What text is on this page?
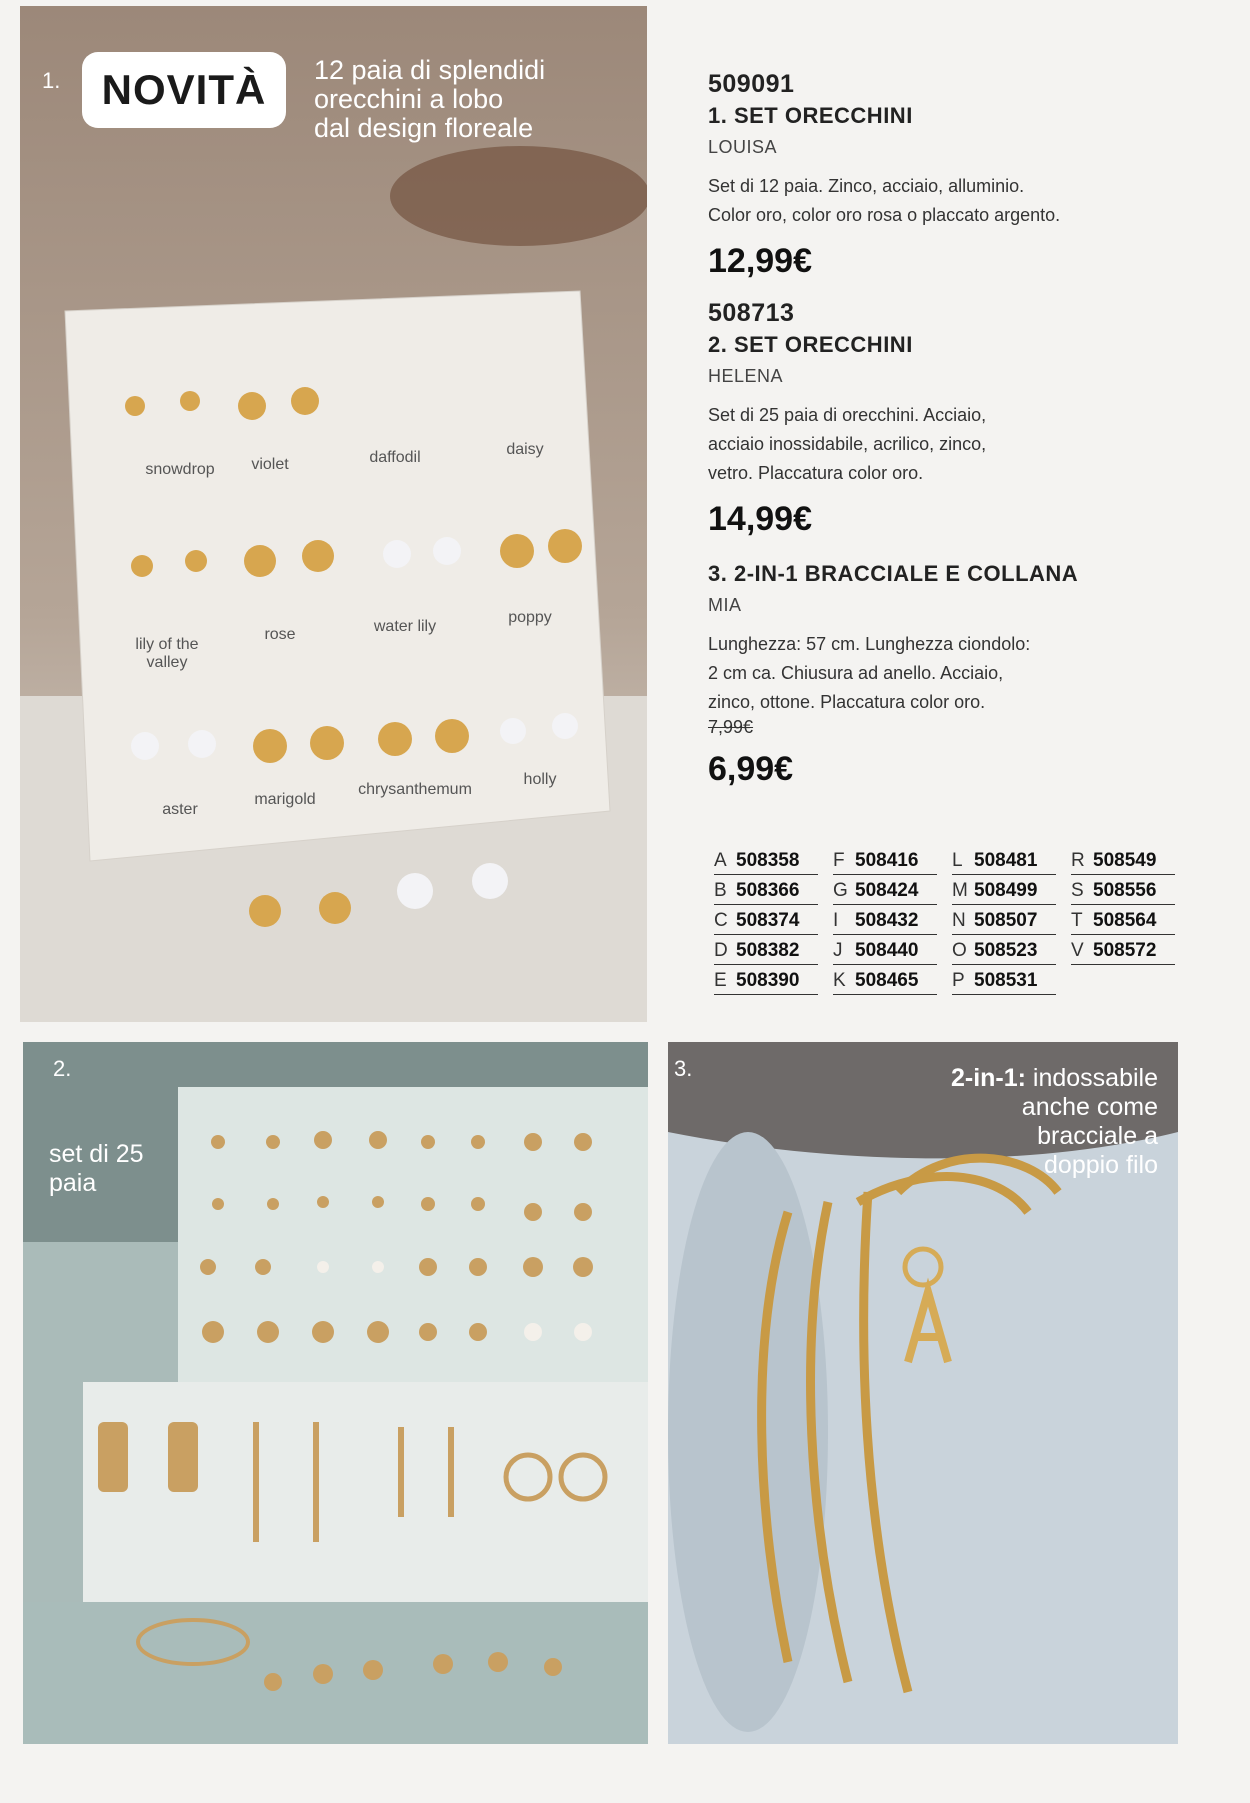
snowdrop	violet	daffodil	daisy
lily of the valley
rose	water lily
poppy
aster
marigold
chrysanthemum
holly
1. NOVITÀ	12 paia di splendidi
orecchini a lobo
dal design floreale
2.
set di 25
paia
3.	2-in-1: indossabile
anche come
bracciale a
doppio filo
509091
1. SET ORECCHINI
LOUISA
Set di 12 paia. Zinco, acciaio, alluminio.
Color oro, color oro rosa o placcato argento.
12,99€
508713
2. SET ORECCHINI
HELENA
Set di 25 paia di orecchini. Acciaio,
acciaio inossidabile, acrilico, zinco,
vetro. Placcatura color oro.
14,99€
3. 2-IN-1 BRACCIALE E COLLANA
MIA
Lunghezza: 57 cm. Lunghezza ciondolo:
2 cm ca. Chiusura ad anello. Acciaio,
zinco, ottone. Placcatura color oro.
7,99€
6,99€
A 508358
B 508366
C 508374
D 508382
E 508390
F 508416
G 508424
I 508432
J 508440
K 508465
L 508481
M 508499
N 508507
O 508523
P 508531
R 508549
S 508556
T 508564
V 508572
